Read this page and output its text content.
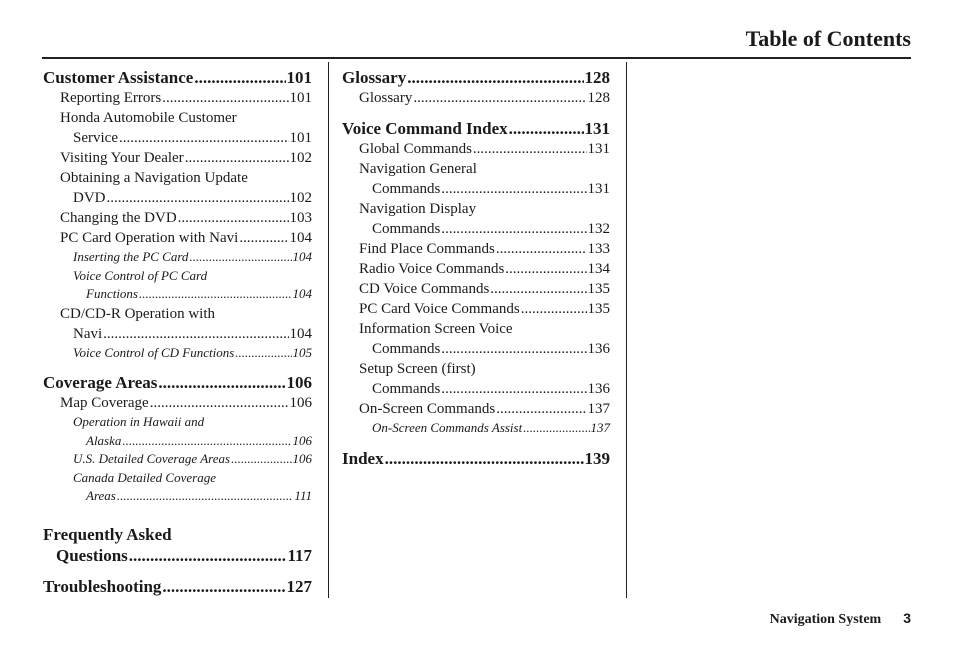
Table of Contents
Customer Assistance .....	101
Reporting Errors .....	101
Honda Automobile Customer
Service .....	101
Visiting Your Dealer .....	102
Obtaining a Navigation Update
DVD .....	102
Changing the DVD .....	103
PC Card Operation with Navi .....	104
Inserting the PC Card .....	104
Voice Control of PC Card
Functions .....	104
CD/CD-R Operation with
Navi .....	104
Voice Control of CD Functions .....	105
Coverage Areas .....	106
Map Coverage .....	106
Operation in Hawaii and
Alaska .....	106
U.S. Detailed Coverage Areas .....	106
Canada Detailed Coverage
Areas .....	111
Frequently Asked
Questions .....	117
Troubleshooting .....	127
Glossary .....	128
Glossary .....	128
Voice Command Index .....	131
Global Commands .....	131
Navigation General
Commands .....	131
Navigation Display
Commands .....	132
Find Place Commands .....	133
Radio Voice Commands .....	134
CD Voice Commands .....	135
PC Card Voice Commands .....	135
Information Screen Voice
Commands .....	136
Setup Screen (first)
Commands .....	136
On-Screen Commands .....	137
On-Screen Commands Assist .....	137
Index .....	139
Navigation System 3
